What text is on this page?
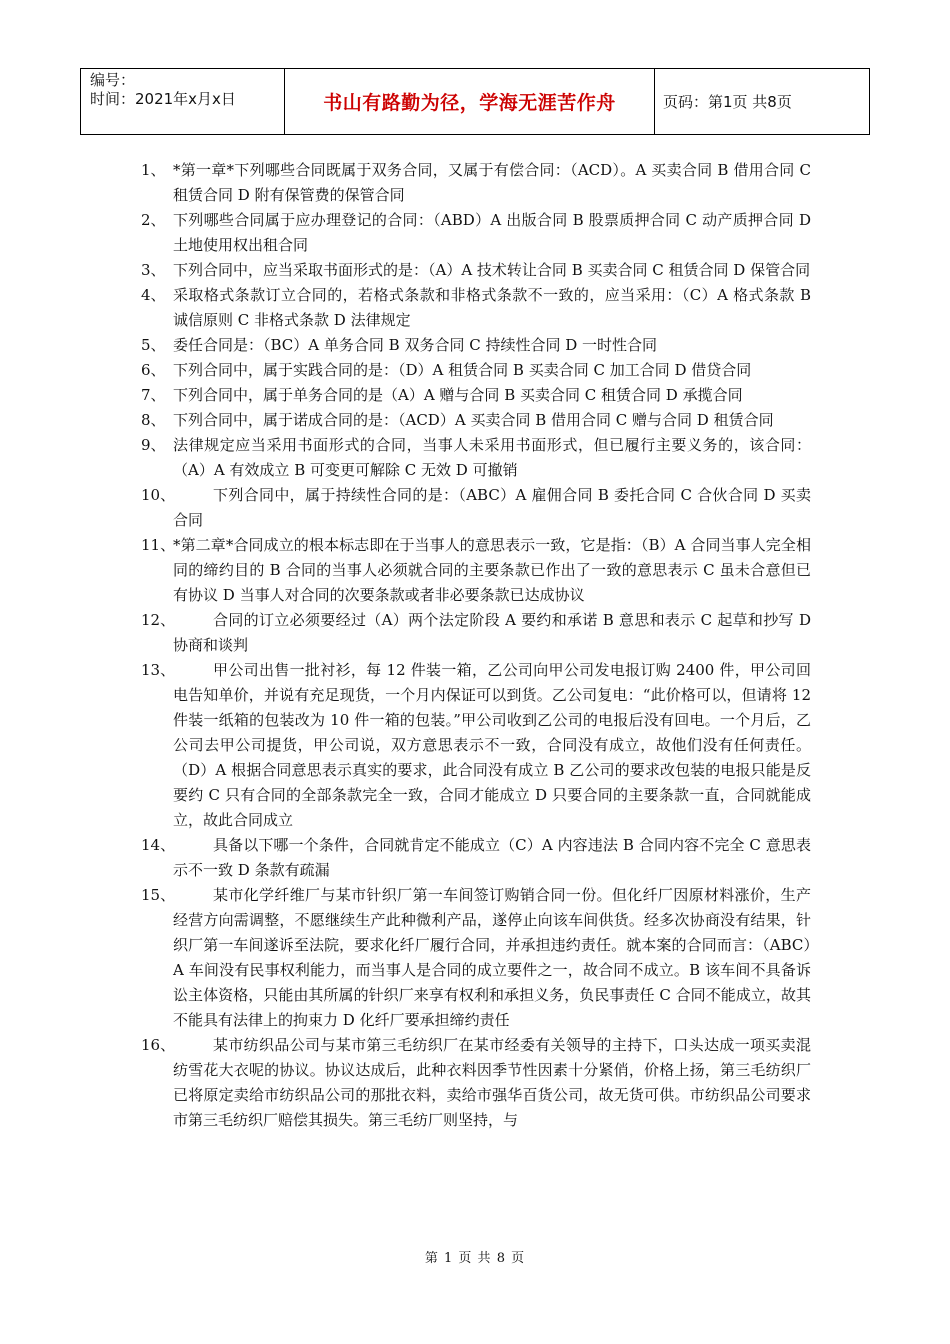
编号：
时间：2021年x月x日	书山有路勤为径，学海无涯苦作舟	页码：第1页 共8页
1、 *第一章*下列哪些合同既属于双务合同，又属于有偿合同：（ACD）。A 买卖合同 B 借用合同 C 租赁合同 D 附有保管费的保管合同
2、 下列哪些合同属于应办理登记的合同：（ABD）A 出版合同 B 股票质押合同 C 动产质押合同 D 土地使用权出租合同
3、 下列合同中，应当采取书面形式的是：（A）A 技术转让合同 B 买卖合同 C 租赁合同 D 保管合同
4、 采取格式条款订立合同的，若格式条款和非格式条款不一致的，应当采用：（C）A 格式条款 B 诚信原则 C 非格式条款 D 法律规定
5、 委任合同是：（BC）A 单务合同 B 双务合同 C 持续性合同 D 一时性合同
6、 下列合同中，属于实践合同的是：（D）A 租赁合同 B 买卖合同 C 加工合同 D 借贷合同
7、 下列合同中，属于单务合同的是（A）A 赠与合同 B 买卖合同 C 租赁合同 D 承揽合同
8、 下列合同中，属于诺成合同的是：（ACD）A 买卖合同 B 借用合同 C 赠与合同 D 租赁合同
9、 法律规定应当采用书面形式的合同，当事人未采用书面形式，但已履行主要义务的，该合同：（A）A 有效成立 B 可变更可解除 C 无效 D 可撤销
10、	下列合同中，属于持续性合同的是：（ABC）A 雇佣合同 B 委托合同 C 合伙合同 D 买卖合同
11、
*第二章*合同成立的根本标志即在于当事人的意思表示一致，它是指：（B）A 合同当事人完全相同的缔约目的 B 合同的当事人必须就合同的主要条款已作出了一致的意思表示 C 虽未合意但已有协议 D 当事人对合同的次要条款或者非必要条款已达成协议
12、	合同的订立必须要经过（A）两个法定阶段 A 要约和承诺 B 意思和表示 C 起草和抄写 D 协商和谈判
13、	甲公司出售一批衬衫，每 12 件装一箱，乙公司向甲公司发电报订购 2400 件，甲公司回电告知单价，并说有充足现货，一个月内保证可以到货。乙公司复电：“此价格可以，但请将 12 件装一纸箱的包装改为 10 件一箱的包装。”甲公司收到乙公司的电报后没有回电。一个月后，乙公司去甲公司提货，甲公司说，双方意思表示不一致，合同没有成立，故他们没有任何责任。（D）A 根据合同意思表示真实的要求，此合同没有成立 B 乙公司的要求改包装的电报只能是反要约 C 只有合同的全部条款完全一致，合同才能成立 D 只要合同的主要条款一直，合同就能成立，故此合同成立
14、	具备以下哪一个条件，合同就肯定不能成立（C）A 内容违法 B 合同内容不完全 C 意思表示不一致 D 条款有疏漏
15、	某市化学纤维厂与某市针织厂第一车间签订购销合同一份。但化纤厂因原材料涨价，生产经营方向需调整，不愿继续生产此种微利产品，遂停止向该车间供货。经多次协商没有结果，针织厂第一车间遂诉至法院，要求化纤厂履行合同，并承担违约责任。就本案的合同而言：（ABC）A 车间没有民事权利能力，而当事人是合同的成立要件之一，故合同不成立。B 该车间不具备诉讼主体资格，只能由其所属的针织厂来享有权利和承担义务，负民事责任 C 合同不能成立，故其不能具有法律上的拘束力 D 化纤厂要承担缔约责任
16、	某市纺织品公司与某市第三毛纺织厂在某市经委有关领导的主持下，口头达成一项买卖混纺雪花大衣呢的协议。协议达成后，此种衣料因季节性因素十分紧俏，价格上扬，第三毛纺织厂已将原定卖给市纺织品公司的那批衣料，卖给市强华百货公司，故无货可供。市纺织品公司要求市第三毛纺织厂赔偿其损失。第三毛纺厂则坚持，与
第 1 页 共 8 页
